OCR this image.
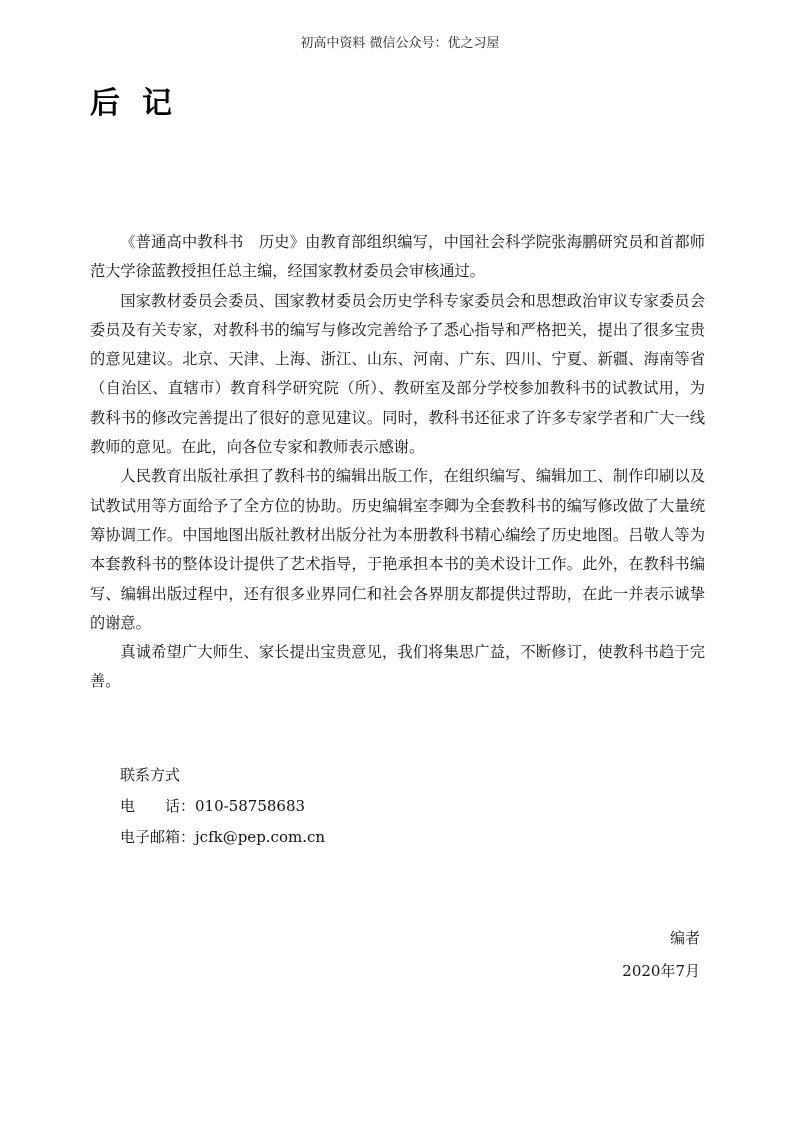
初高中资料 微信公众号：优之习屋
后记

《普通高中教科书　历史》由教育部组织编写，中国社会科学院张海鹏研究员和首都师范大学徐蓝教授担任总主编，经国家教材委员会审核通过。

国家教材委员会委员、国家教材委员会历史学科专家委员会和思想政治审议专家委员会委员及有关专家，对教科书的编写与修改完善给予了悉心指导和严格把关，提出了很多宝贵的意见建议。北京、天津、上海、浙江、山东、河南、广东、四川、宁夏、新疆、海南等省（自治区、直辖市）教育科学研究院（所）、教研室及部分学校参加教科书的试教试用，为教科书的修改完善提出了很好的意见建议。同时，教科书还征求了许多专家学者和广大一线教师的意见。在此，向各位专家和教师表示感谢。

人民教育出版社承担了教科书的编辑出版工作，在组织编写、编辑加工、制作印刷以及试教试用等方面给予了全方位的协助。历史编辑室李卿为全套教科书的编写修改做了大量统筹协调工作。中国地图出版社教材出版分社为本册教科书精心编绘了历史地图。吕敬人等为本套教科书的整体设计提供了艺术指导，于艳承担本书的美术设计工作。此外，在教科书编写、编辑出版过程中，还有很多业界同仁和社会各界朋友都提供过帮助，在此一并表示诚挚的谢意。

真诚希望广大师生、家长提出宝贵意见，我们将集思广益，不断修订，使教科书趋于完善。

联系方式
电　　话：010-58758683
电子邮箱：jcfk@pep.com.cn
编者
2020年7月
